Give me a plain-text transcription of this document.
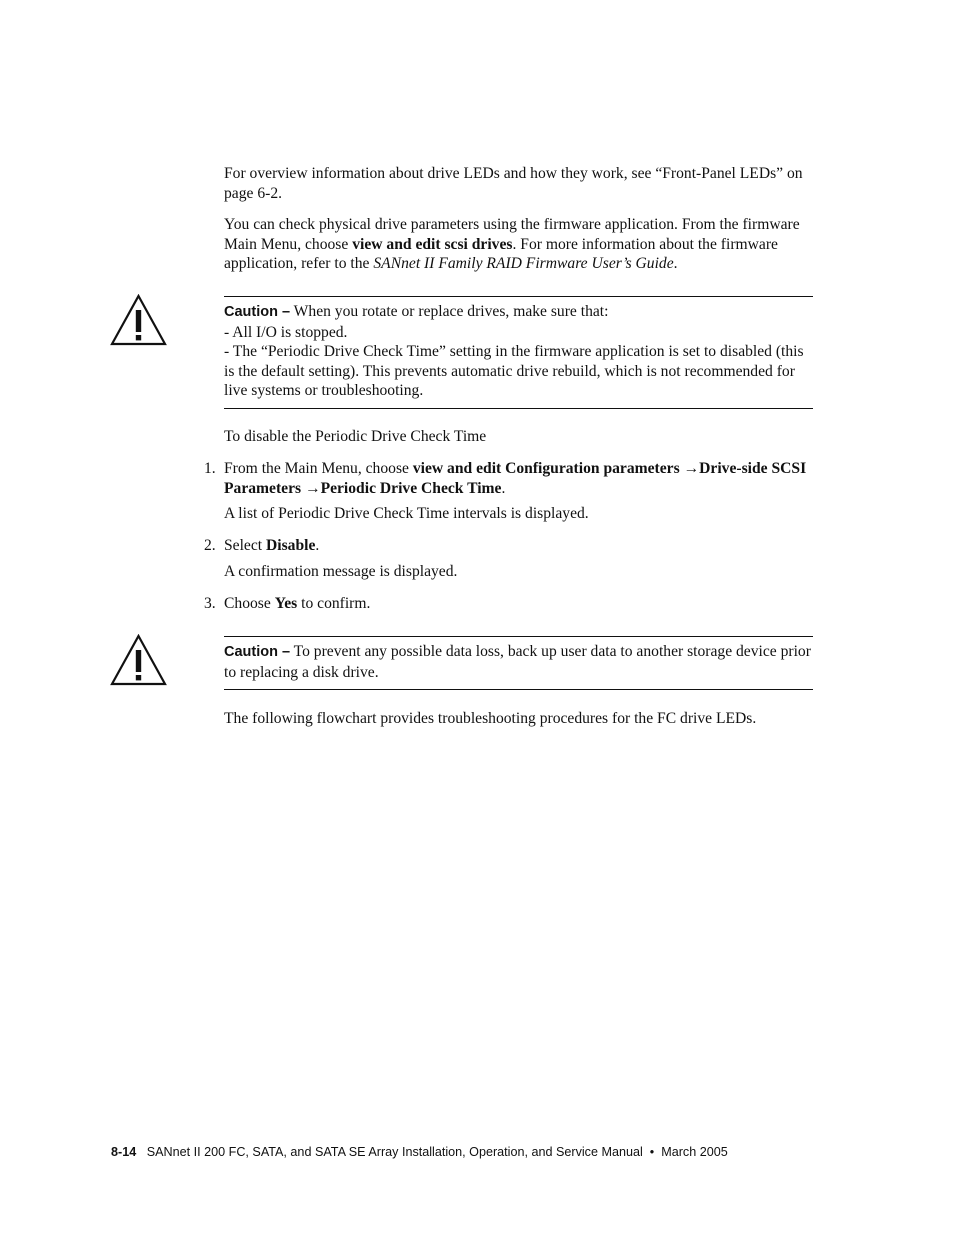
For overview information about drive LEDs and how they work, see “Front-Panel LEDs” on page 6-2.

You can check physical drive parameters using the firmware application. From the firmware Main Menu, choose view and edit scsi drives. For more information about the firmware application, refer to the SANnet II Family RAID Firmware User’s Guide.

Caution – When you rotate or replace drives, make sure that:
- All I/O is stopped.
- The “Periodic Drive Check Time” setting in the firmware application is set to disabled (this is the default setting). This prevents automatic drive rebuild, which is not recommended for live systems or troubleshooting.

To disable the Periodic Drive Check Time

1. From the Main Menu, choose view and edit Configuration parameters →Drive-side SCSI Parameters →Periodic Drive Check Time.

A list of Periodic Drive Check Time intervals is displayed.

2. Select Disable.

A confirmation message is displayed.

3. Choose Yes to confirm.

Caution – To prevent any possible data loss, back up user data to another storage device prior to replacing a disk drive.

The following flowchart provides troubleshooting procedures for the FC drive LEDs.

8-14 SANnet II 200 FC, SATA, and SATA SE Array Installation, Operation, and Service Manual • March 2005
